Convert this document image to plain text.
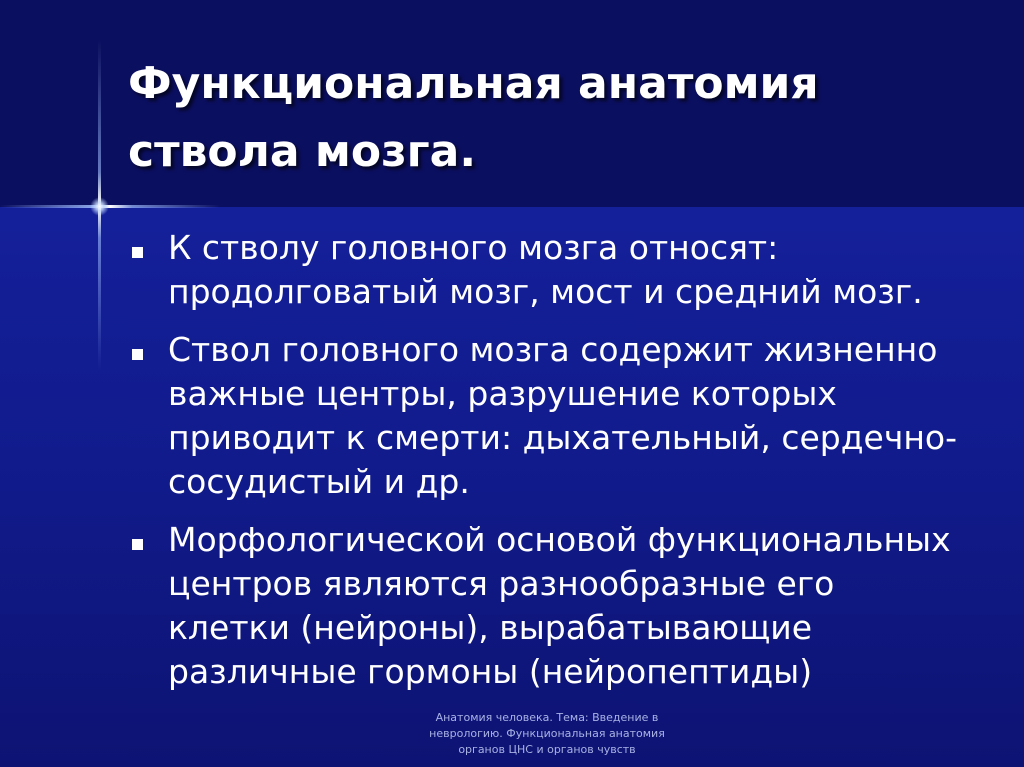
Функциональная анатомия ствола мозга.
К стволу головного мозга относят: продолговатый мозг, мост и средний мозг.
Ствол головного мозга содержит жизненно важные центры, разрушение которых приводит к смерти: дыхательный, сердечно-сосудистый и др.
Морфологической основой функциональных центров являются разнообразные его клетки (нейроны), вырабатывающие различные гормоны (нейропептиды)
Анатомия человека. Тема: Введение в неврологию. Функциональная анатомия органов ЦНС и органов чувств
